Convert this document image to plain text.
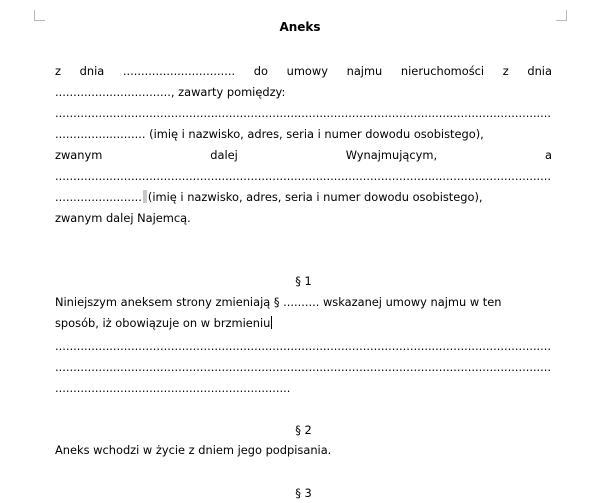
Aneks
z dnia ............................... do umowy najmu nieruchomości z dnia
................................, zawarty pomiędzy:
.....
......................... (imię i nazwisko, adres, seria i numer dowodu osobistego),
zwanym	dalej	Wynajmującym,	a
.....
........................ (imię i nazwisko, adres, seria i numer dowodu osobistego),
zwanym dalej Najemcą.
§ 1
Niniejszym aneksem strony zmieniają § .......... wskazanej umowy najmu w ten
sposób, iż obowiązuje on w brzmieniu
.....
.....
.................................................................
§ 2
Aneks wchodzi w życie z dniem jego podpisania.
§ 3
